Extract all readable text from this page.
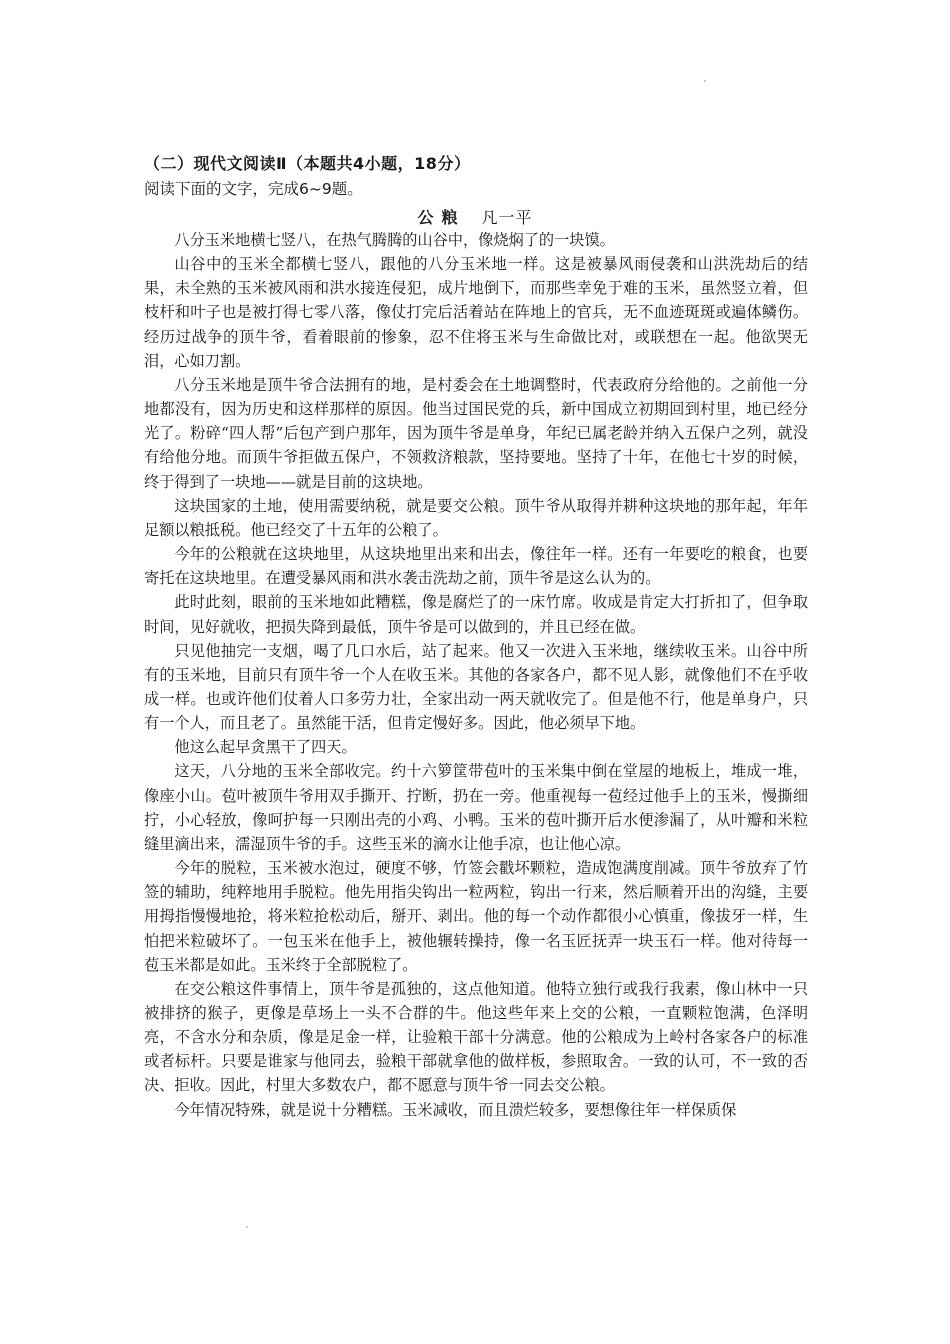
（二）现代文阅读Ⅱ（本题共4小题，18分）
阅读下面的文字，完成6~9题。
公粮 凡一平

八分玉米地横七竖八，在热气腾腾的山谷中，像烧焖了的一块馍。

山谷中的玉米全都横七竖八，跟他的八分玉米地一样。这是被暴风雨侵袭和山洪洗劫后的结果，未全熟的玉米被风雨和洪水接连侵犯，成片地倒下，而那些幸免于难的玉米，虽然竖立着，但枝杆和叶子也是被打得七零八落，像仗打完后活着站在阵地上的官兵，无不血迹斑斑或遍体鳞伤。经历过战争的顶牛爷，看着眼前的惨象，忍不住将玉米与生命做比对，或联想在一起。他欲哭无泪，心如刀割。

八分玉米地是顶牛爷合法拥有的地，是村委会在土地调整时，代表政府分给他的。之前他一分地都没有，因为历史和这样那样的原因。他当过国民党的兵，新中国成立初期回到村里，地已经分光了。粉碎“四人帮”后包产到户那年，因为顶牛爷是单身，年纪已属老龄并纳入五保户之列，就没有给他分地。而顶牛爷拒做五保户，不领救济粮款，坚持要地。坚持了十年，在他七十岁的时候，终于得到了一块地——就是目前的这块地。

这块国家的土地，使用需要纳税，就是要交公粮。顶牛爷从取得并耕种这块地的那年起，年年足额以粮抵税。他已经交了十五年的公粮了。

今年的公粮就在这块地里，从这块地里出来和出去，像往年一样。还有一年要吃的粮食，也要寄托在这块地里。在遭受暴风雨和洪水袭击洗劫之前，顶牛爷是这么认为的。

此时此刻，眼前的玉米地如此糟糕，像是腐烂了的一床竹席。收成是肯定大打折扣了，但争取时间，见好就收，把损失降到最低，顶牛爷是可以做到的，并且已经在做。

只见他抽完一支烟，喝了几口水后，站了起来。他又一次进入玉米地，继续收玉米。山谷中所有的玉米地，目前只有顶牛爷一个人在收玉米。其他的各家各户，都不见人影，就像他们不在乎收成一样。也或许他们仗着人口多劳力壮，全家出动一两天就收完了。但是他不行，他是单身户，只有一个人，而且老了。虽然能干活，但肯定慢好多。因此，他必须早下地。

他这么起早贪黑干了四天。

这天，八分地的玉米全部收完。约十六箩筐带苞叶的玉米集中倒在堂屋的地板上，堆成一堆，像座小山。苞叶被顶牛爷用双手撕开、拧断，扔在一旁。他重视每一苞经过他手上的玉米，慢撕细拧，小心轻放，像呵护每一只刚出壳的小鸡、小鸭。玉米的苞叶撕开后水便渗漏了，从叶瓣和米粒缝里滴出来，濡湿顶牛爷的手。这些玉米的滴水让他手凉，也让他心凉。

今年的脱粒，玉米被水泡过，硬度不够，竹签会戳坏颗粒，造成饱满度削减。顶牛爷放弃了竹签的辅助，纯粹地用手脱粒。他先用指尖钩出一粒两粒，钩出一行来，然后顺着开出的沟缝，主要用拇指慢慢地抢，将米粒抢松动后，掰开、剥出。他的每一个动作都很小心慎重，像拔牙一样，生怕把米粒破坏了。一包玉米在他手上，被他辗转操持，像一名玉匠抚弄一块玉石一样。他对待每一苞玉米都是如此。玉米终于全部脱粒了。

在交公粮这件事情上，顶牛爷是孤独的，这点他知道。他特立独行或我行我素，像山林中一只被排挤的猴子，更像是草场上一头不合群的牛。他这些年来上交的公粮，一直颗粒饱满，色泽明亮，不含水分和杂质，像是足金一样，让验粮干部十分满意。他的公粮成为上岭村各家各户的标准或者标杆。只要是谁家与他同去，验粮干部就拿他的做样板，参照取舍。一致的认可，不一致的否决、拒收。因此，村里大多数农户，都不愿意与顶牛爷一同去交公粮。

今年情况特殊，就是说十分糟糕。玉米减收，而且溃烂较多，要想像往年一样保质保
